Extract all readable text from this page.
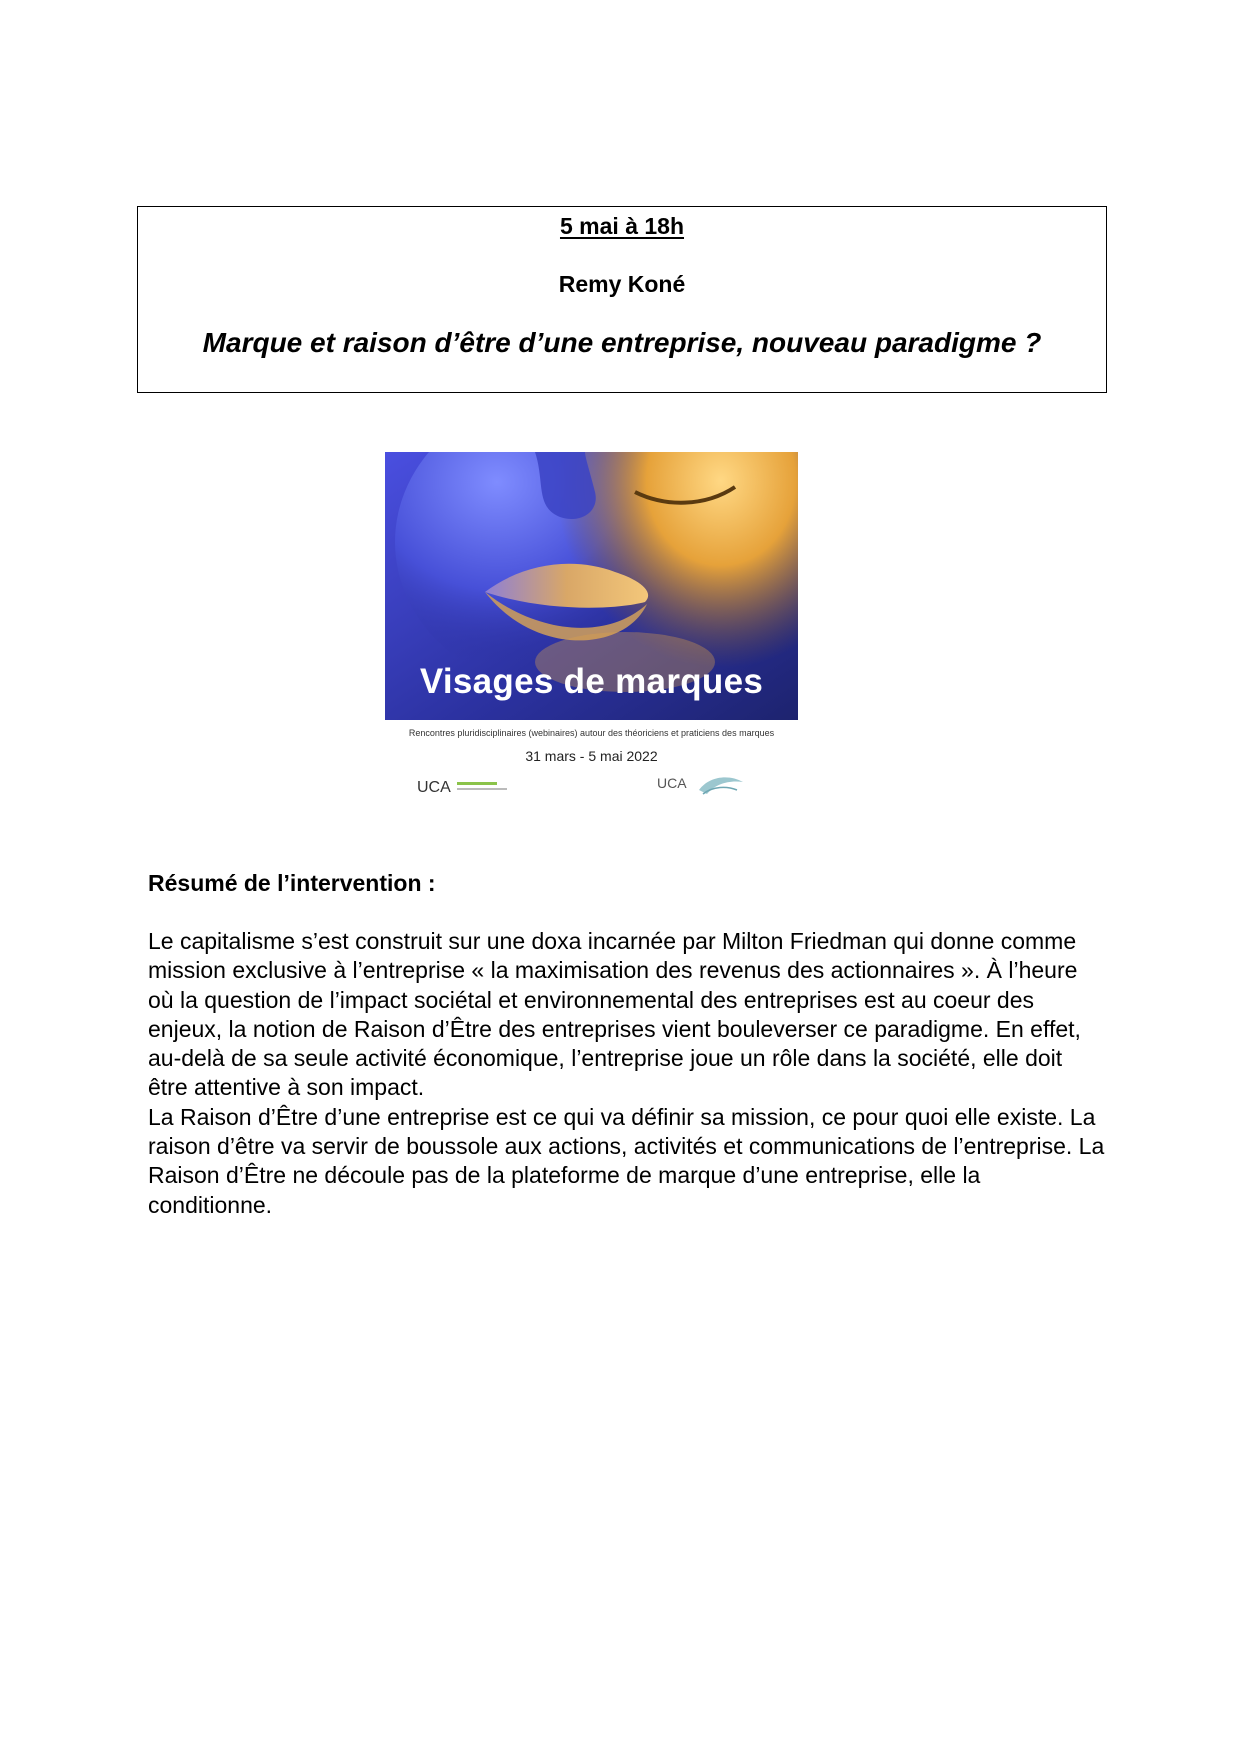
5 mai à 18h
Remy Koné
Marque et raison d’être d’une entreprise, nouveau paradigme ?
Visages de marques
Rencontres pluridisciplinaires (webinaires) autour des théoriciens et praticiens des marques
31 mars - 5 mai 2022
UCA	UCA
Résumé de l’intervention :

Le capitalisme s’est construit sur une doxa incarnée par Milton Friedman qui donne comme mission exclusive à l’entreprise « la maximisation des revenus des actionnaires ». À l’heure où la question de l’impact sociétal et environnemental des entreprises est au coeur des enjeux, la notion de Raison d’Être des entreprises vient bouleverser ce paradigme. En effet, au-delà de sa seule activité économique, l’entreprise joue un rôle dans la société, elle doit être attentive à son impact.

La Raison d’Être d’une entreprise est ce qui va définir sa mission, ce pour quoi elle existe. La raison d’être va servir de boussole aux actions, activités et communications de l’entreprise. La Raison d’Être ne découle pas de la plateforme de marque d’une entreprise, elle la conditionne.
